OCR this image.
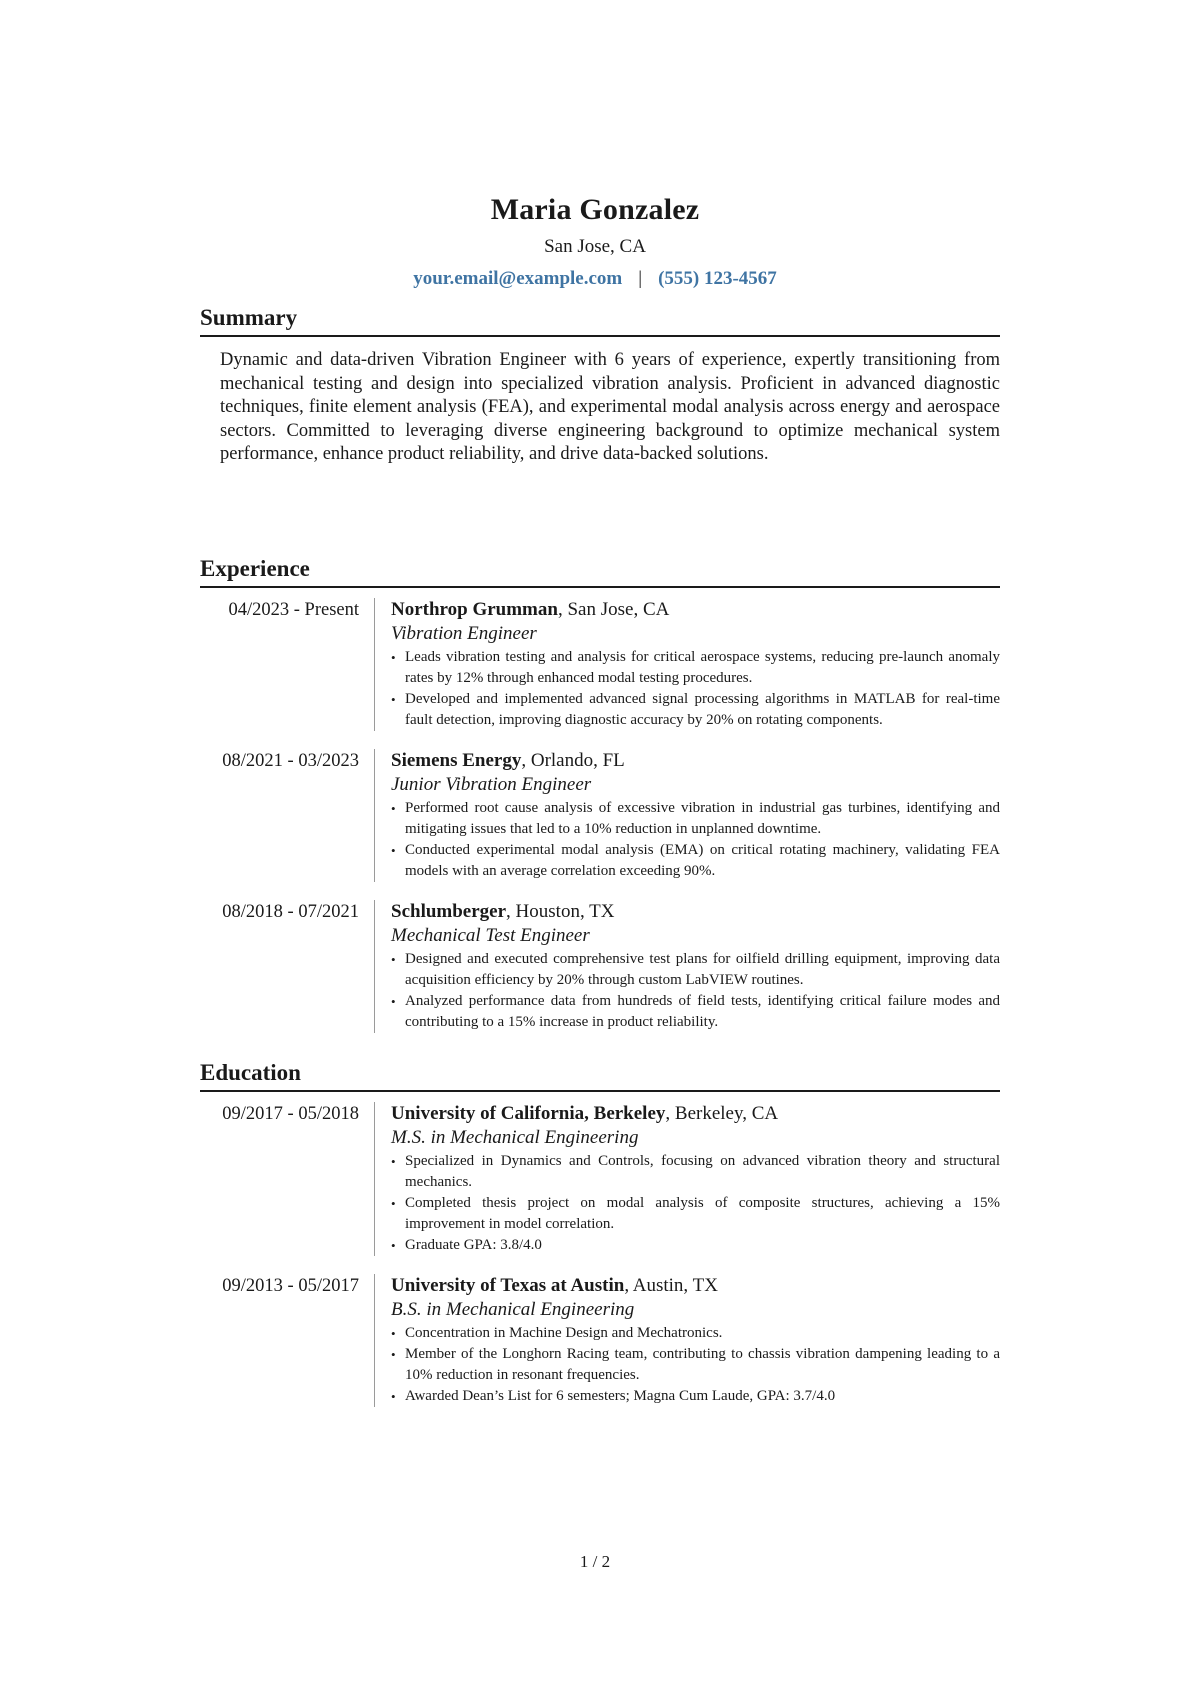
Maria Gonzalez
San Jose, CA
your.email@example.com | (555) 123-4567
Summary

Dynamic and data-driven Vibration Engineer with 6 years of experience, expertly transitioning from mechanical testing and design into specialized vibration analysis. Proficient in advanced diagnostic techniques, finite element analysis (FEA), and experimental modal analysis across energy and aerospace sectors. Committed to leveraging diverse engineering background to optimize mechanical system performance, enhance product reliability, and drive data-backed solutions.

Experience
04/2023 - Present	Northrop Grumman, San Jose, CA
Vibration Engineer
• Leads vibration testing and analysis for critical aerospace systems, reducing pre-launch anomaly rates by 12% through enhanced modal testing procedures.
• Developed and implemented advanced signal processing algorithms in MATLAB for real-time fault detection, improving diagnostic accuracy by 20% on rotating components.
08/2021 - 03/2023	Siemens Energy, Orlando, FL
Junior Vibration Engineer
• Performed root cause analysis of excessive vibration in industrial gas turbines, identifying and mitigating issues that led to a 10% reduction in unplanned downtime.
• Conducted experimental modal analysis (EMA) on critical rotating machinery, validating FEA models with an average correlation exceeding 90%.
08/2018 - 07/2021	Schlumberger, Houston, TX
Mechanical Test Engineer
• Designed and executed comprehensive test plans for oilfield drilling equipment, improving data acquisition efficiency by 20% through custom LabVIEW routines.
• Analyzed performance data from hundreds of field tests, identifying critical failure modes and contributing to a 15% increase in product reliability.
Education
09/2017 - 05/2018	University of California, Berkeley, Berkeley, CA
M.S. in Mechanical Engineering
• Specialized in Dynamics and Controls, focusing on advanced vibration theory and structural mechanics.
• Completed thesis project on modal analysis of composite structures, achieving a 15% improvement in model correlation.
• Graduate GPA: 3.8/4.0
09/2013 - 05/2017	University of Texas at Austin, Austin, TX
B.S. in Mechanical Engineering
• Concentration in Machine Design and Mechatronics.
• Member of the Longhorn Racing team, contributing to chassis vibration dampening leading to a 10% reduction in resonant frequencies.
• Awarded Dean’s List for 6 semesters; Magna Cum Laude, GPA: 3.7/4.0
1 / 2
